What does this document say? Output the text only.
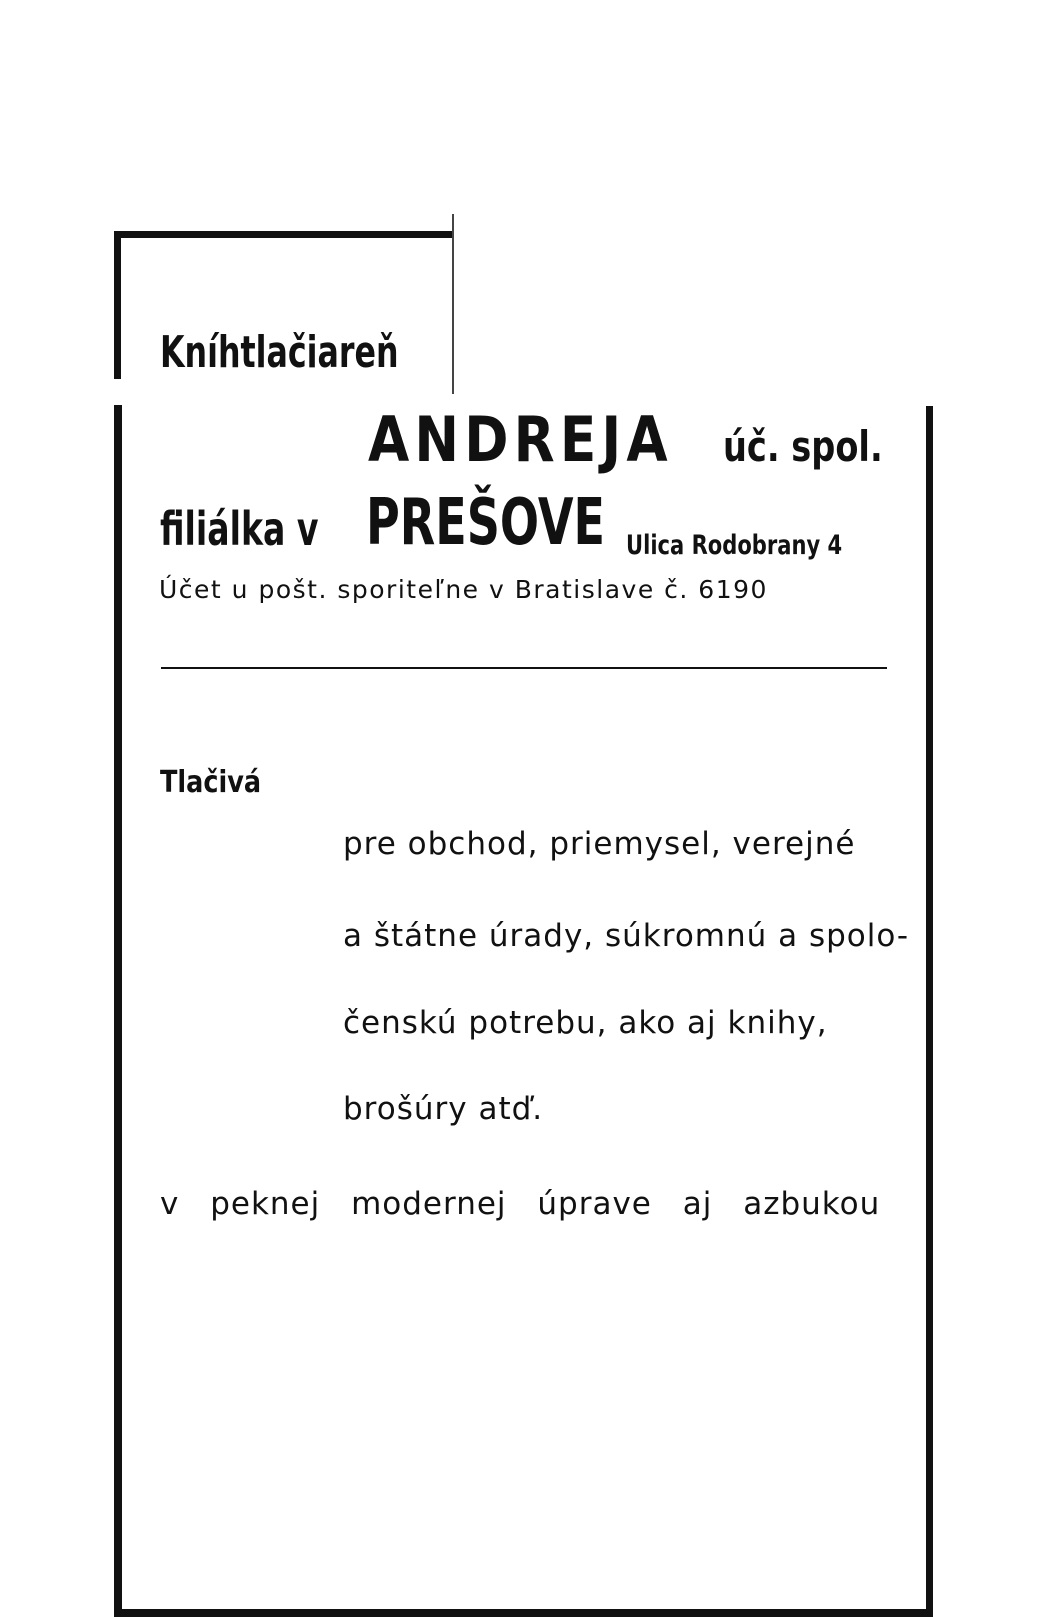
Kníhtlačiareň
ANDREJA úč. spol.
filiálka v PREŠOVE Ulica Rodobrany 4
Účet u pošt. sporiteľne v Bratislave č. 6190
Tlačivá
pre obchod, priemysel, verejné
a štátne úrady, súkromnú a spolo-
čenskú potrebu, ako aj knihy,
brošúry atď.
v peknej modernej úprave aj azbukou
